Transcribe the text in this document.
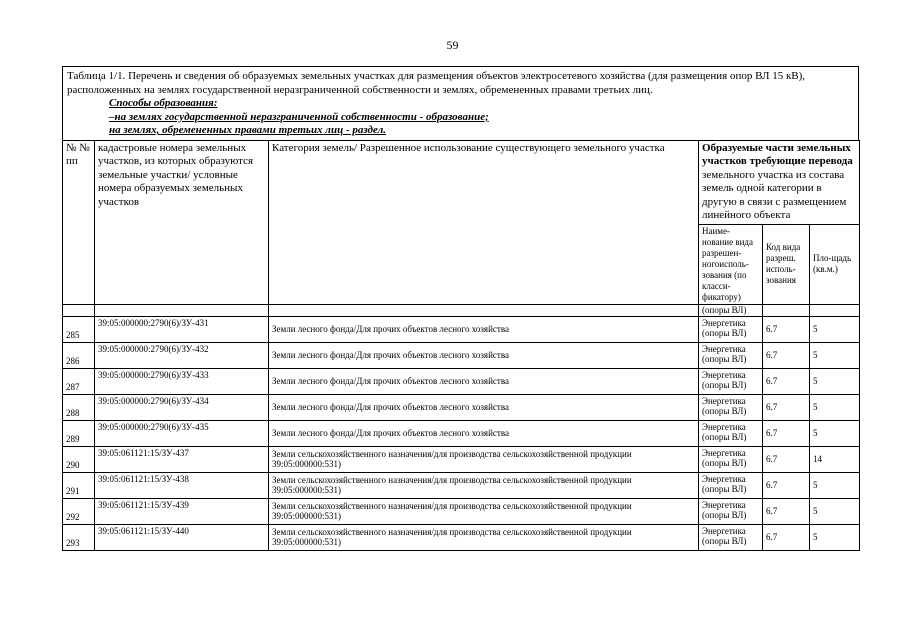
59
Таблица 1/1. Перечень и сведения об образуемых земельных участках для размещения объектов электросетевого хозяйства (для размещения опор ВЛ 15 кВ), расположенных на землях государственной неразграниченной собственности и землях, обремененных правами третьих лиц.
Способы образования:
–на землях государственной неразграниченной собственности - образование;
на землях, обремененных правами третьих лиц - раздел.
№ № пп	кадастровые номера земельных участков, из которых образуются земельные участки/ условные номера образуемых земельных участков	Категория земель/ Разрешенное использование существующего земельного участка	Образуемые части земельных участков требующие перевода земельного участка из состава земель одной категории в другую в связи с размещением линейного объекта		
			Наиме-нование вида разрешен-ногоисполь-зования (по класси-фикатору)	Код вида разреш. исполь-зования	Пло-щадь (кв.м.)
			(опоры ВЛ)		
285	39:05:000000:2790(6)/ЗУ-431	Земли лесного фонда/Для прочих объектов лесного хозяйства	Энергетика (опоры ВЛ)	6.7	5
286	39:05:000000:2790(6)/ЗУ-432	Земли лесного фонда/Для прочих объектов лесного хозяйства	Энергетика (опоры ВЛ)	6.7	5
287	39:05:000000:2790(6)/ЗУ-433	Земли лесного фонда/Для прочих объектов лесного хозяйства	Энергетика (опоры ВЛ)	6.7	5
288	39:05:000000:2790(6)/ЗУ-434	Земли лесного фонда/Для прочих объектов лесного хозяйства	Энергетика (опоры ВЛ)	6.7	5
289	39:05:000000:2790(6)/ЗУ-435	Земли лесного фонда/Для прочих объектов лесного хозяйства	Энергетика (опоры ВЛ)	6.7	5
290	39:05:061121:15/ЗУ-437	Земли сельскохозяйственного назначения/для производства сельскохозяйственной продукции 39:05:000000:531)	Энергетика (опоры ВЛ)	6.7	14
291	39:05:061121:15/ЗУ-438	Земли сельскохозяйственного назначения/для производства сельскохозяйственной продукции 39:05:000000:531)	Энергетика (опоры ВЛ)	6.7	5
292	39:05:061121:15/ЗУ-439	Земли сельскохозяйственного назначения/для производства сельскохозяйственной продукции 39:05:000000:531)	Энергетика (опоры ВЛ)	6.7	5
293	39:05:061121:15/ЗУ-440	Земли сельскохозяйственного назначения/для производства сельскохозяйственной продукции 39:05:000000:531)	Энергетика (опоры ВЛ)	6.7	5
